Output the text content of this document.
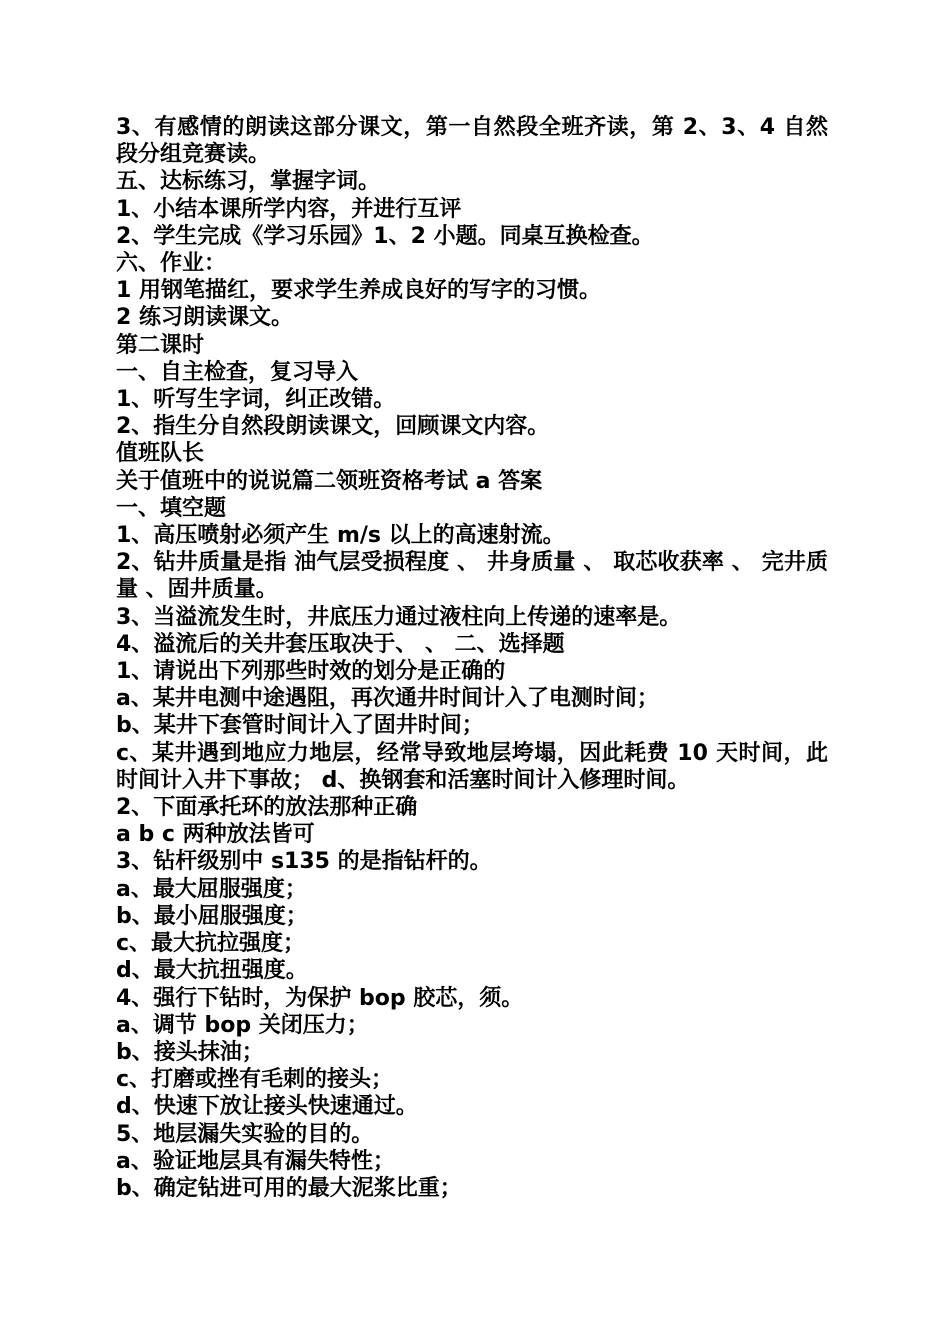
3、有感情的朗读这部分课文，第一自然段全班齐读，第 2、3、4 自然段分组竞赛读。

五、达标练习，掌握字词。

1、小结本课所学内容，并进行互评

2、学生完成《学习乐园》1、2 小题。同桌互换检查。

六、作业：

1 用钢笔描红，要求学生养成良好的写字的习惯。

2 练习朗读课文。

第二课时

一、自主检查，复习导入

1、听写生字词，纠正改错。

2、指生分自然段朗读课文，回顾课文内容。

值班队长

关于值班中的说说篇二领班资格考试 a 答案

一、填空题

1、高压喷射必须产生 m/s 以上的高速射流。

2、钻井质量是指 油气层受损程度 、 井身质量 、 取芯收获率 、 完井质量 、固井质量。

3、当溢流发生时，井底压力通过液柱向上传递的速率是。

4、溢流后的关井套压取决于、 、 二、选择题

1、请说出下列那些时效的划分是正确的

a、某井电测中途遇阻，再次通井时间计入了电测时间；

b、某井下套管时间计入了固井时间；

c、某井遇到地应力地层，经常导致地层垮塌，因此耗费 10 天时间，此时间计入井下事故； d、换钢套和活塞时间计入修理时间。

2、下面承托环的放法那种正确

a b c 两种放法皆可

3、钻杆级别中 s135 的是指钻杆的。

a、最大屈服强度；

b、最小屈服强度；

c、最大抗拉强度；

d、最大抗扭强度。

4、强行下钻时，为保护 bop 胶芯，须。

a、调节 bop 关闭压力；

b、接头抹油；

c、打磨或挫有毛刺的接头；

d、快速下放让接头快速通过。

5、地层漏失实验的目的。

a、验证地层具有漏失特性；

b、确定钻进可用的最大泥浆比重；
